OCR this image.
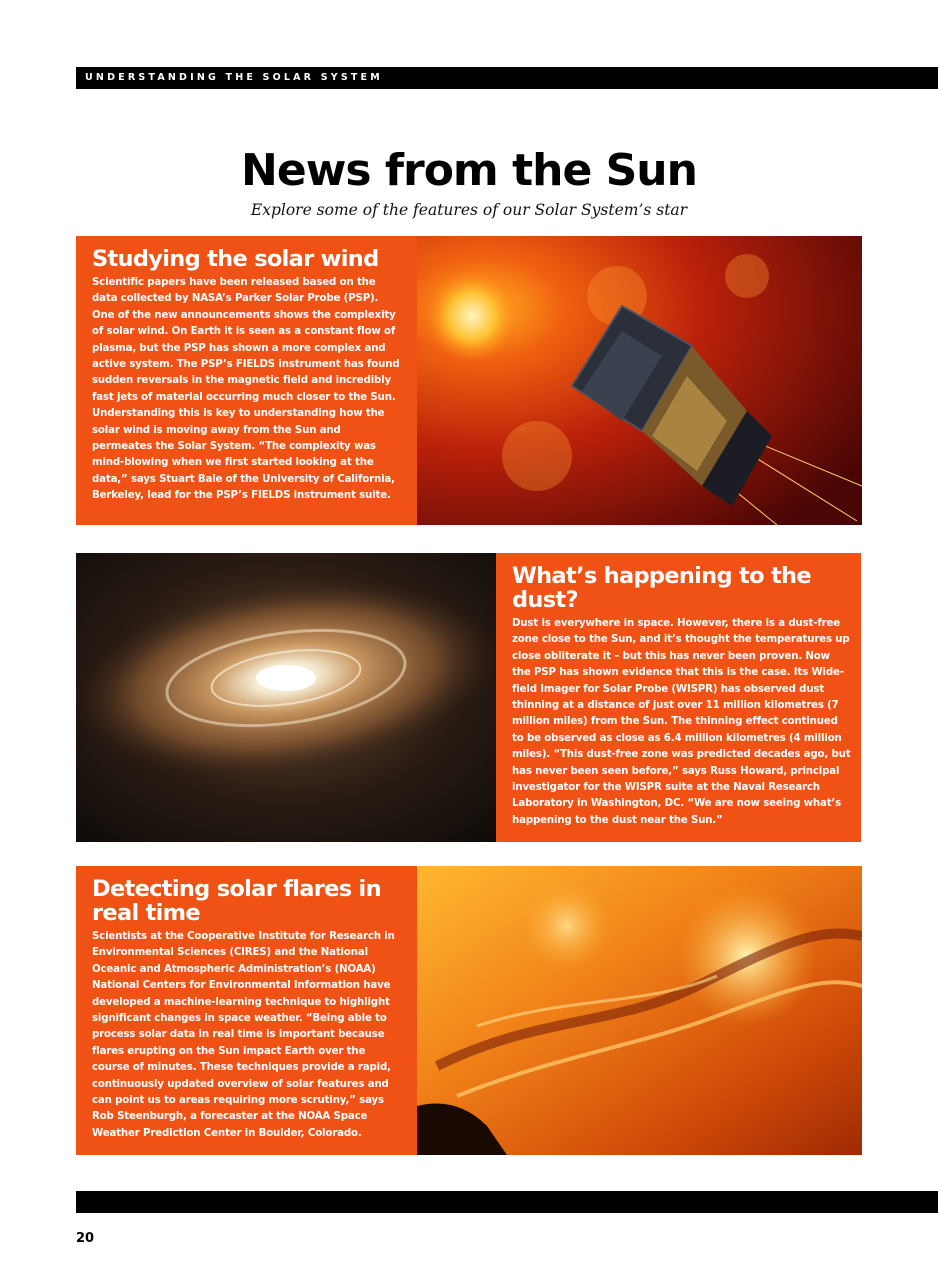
UNDERSTANDING THE SOLAR SYSTEM
News from the Sun
Explore some of the features of our Solar System’s star
Studying the solar wind

Scientific papers have been released based on the data collected by NASA’s Parker Solar Probe (PSP). One of the new announcements shows the complexity of solar wind. On Earth it is seen as a constant flow of plasma, but the PSP has shown a more complex and active system. The PSP’s FIELDS instrument has found sudden reversals in the magnetic field and incredibly fast jets of material occurring much closer to the Sun. Understanding this is key to understanding how the solar wind is moving away from the Sun and permeates the Solar System. “The complexity was mind-blowing when we first started looking at the data,” says Stuart Bale of the University of California, Berkeley, lead for the PSP’s FIELDS instrument suite.

What’s happening to the dust?

Dust is everywhere in space. However, there is a dust-free zone close to the Sun, and it’s thought the temperatures up close obliterate it – but this has never been proven. Now the PSP has shown evidence that this is the case. Its Wide-field Imager for Solar Probe (WISPR) has observed dust thinning at a distance of just over 11 million kilometres (7 million miles) from the Sun. The thinning effect continued to be observed as close as 6.4 million kilometres (4 million miles). “This dust-free zone was predicted decades ago, but has never been seen before,” says Russ Howard, principal investigator for the WISPR suite at the Naval Research Laboratory in Washington, DC. “We are now seeing what’s happening to the dust near the Sun.”

Detecting solar flares in real time

Scientists at the Cooperative Institute for Research in Environmental Sciences (CIRES) and the National Oceanic and Atmospheric Administration’s (NOAA) National Centers for Environmental Information have developed a machine-learning technique to highlight significant changes in space weather. “Being able to process solar data in real time is important because flares erupting on the Sun impact Earth over the course of minutes. These techniques provide a rapid, continuously updated overview of solar features and can point us to areas requiring more scrutiny,” says Rob Steenburgh, a forecaster at the NOAA Space Weather Prediction Center in Boulder, Colorado.

20
